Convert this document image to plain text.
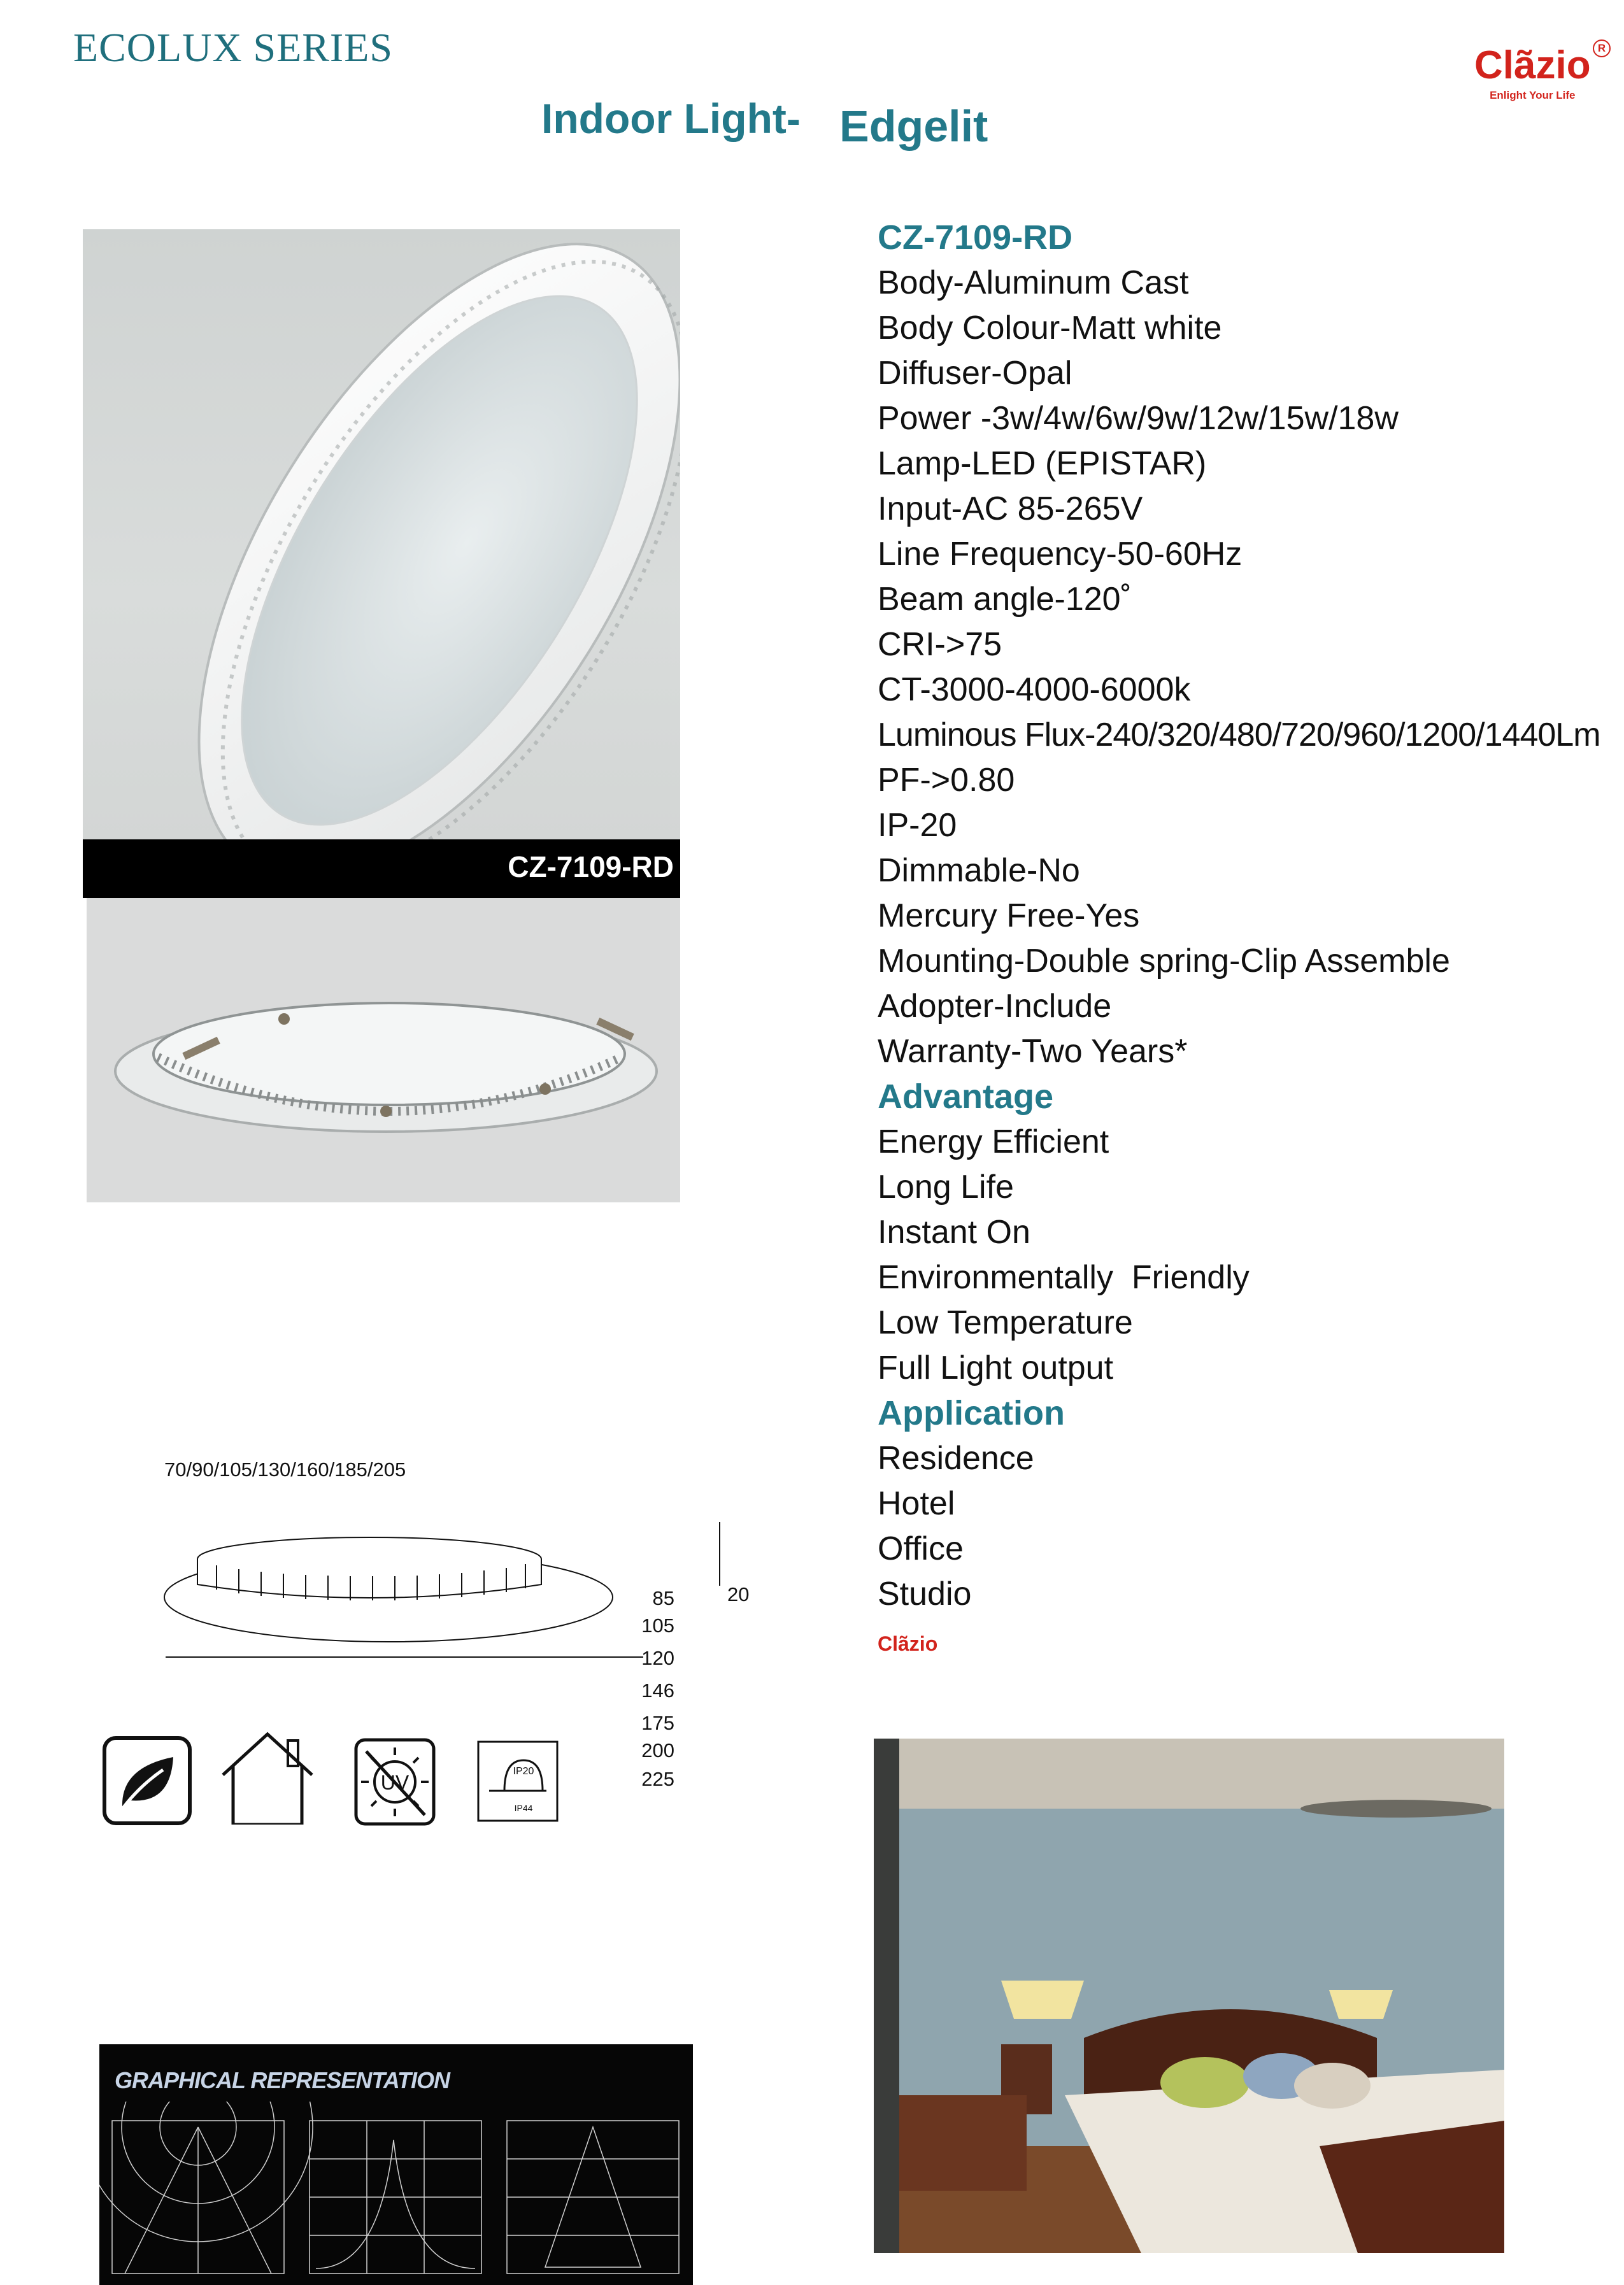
ECOLUX SERIES
Indoor Light- Edgelit
Clãzio R
Enlight Your Life
CZ-7109-RD
CZ-7109-RD
Body-Aluminum Cast
Body Colour-Matt white
Diffuser-Opal
Power -3w/4w/6w/9w/12w/15w/18w
Lamp-LED (EPISTAR)
Input-AC 85-265V
Line Frequency-50-60Hz
Beam angle-120˚
CRI->75
CT-3000-4000-6000k
Luminous Flux-240/320/480/720/960/1200/1440Lm
PF->0.80
IP-20
Dimmable-No
Mercury Free-Yes
Mounting-Double spring-Clip Assemble
Adopter-Include
Warranty-Two Years*
Advantage
Energy Efficient
Long Life
Instant On
Environmentally  Friendly
Low Temperature
Full Light output
Application
Residence
Hotel
Office
Studio
Clãzio
70/90/105/130/160/185/205
85
105
120
146
175
200
225
20
UV	IP20
IP44
GRAPHICAL REPRESENTATION
